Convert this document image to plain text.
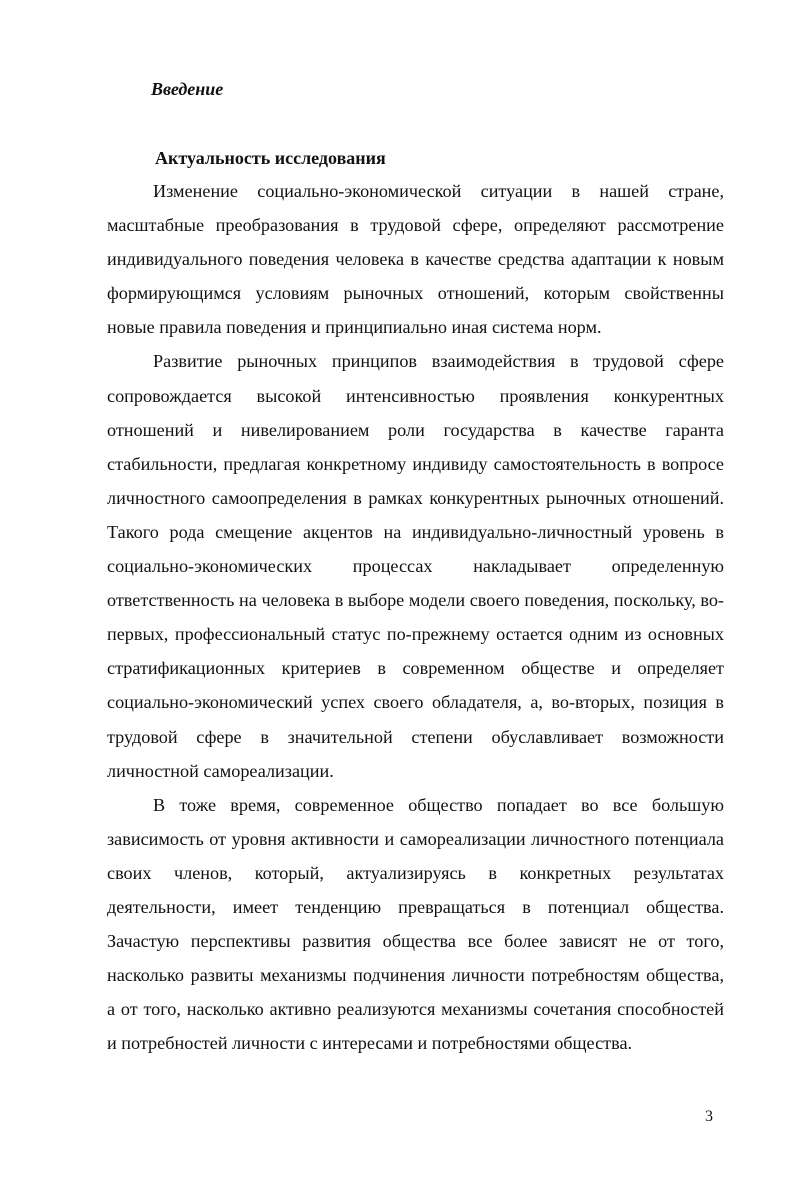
Введение
Актуальность исследования

Изменение социально-экономической ситуации в нашей стране, масштабные преобразования в трудовой сфере, определяют рассмотрение индивидуального поведения человека в качестве средства адаптации к новым формирующимся условиям рыночных отношений, которым свойственны новые правила поведения и принципиально иная система норм.

Развитие рыночных принципов взаимодействия в трудовой сфере сопровождается высокой интенсивностью проявления конкурентных отношений и нивелированием роли государства в качестве гаранта стабильности, предлагая конкретному индивиду самостоятельность в вопросе личностного самоопределения в рамках конкурентных рыночных отношений. Такого рода смещение акцентов на индивидуально-личностный уровень в социально-экономических процессах накладывает определенную ответственность на человека в выборе модели своего поведения, поскольку, во-первых, профессиональный статус по-прежнему остается одним из основных стратификационных критериев в современном обществе и определяет социально-экономический успех своего обладателя, а, во-вторых, позиция в трудовой сфере в значительной степени обуславливает возможности личностной самореализации.

В тоже время, современное общество попадает во все большую зависимость от уровня активности и самореализации личностного потенциала своих членов, который, актуализируясь в конкретных результатах деятельности, имеет тенденцию превращаться в потенциал общества. Зачастую перспективы развития общества все более зависят не от того, насколько развиты механизмы подчинения личности потребностям общества, а от того, насколько активно реализуются механизмы сочетания способностей и потребностей личности с интересами и потребностями общества.

3
